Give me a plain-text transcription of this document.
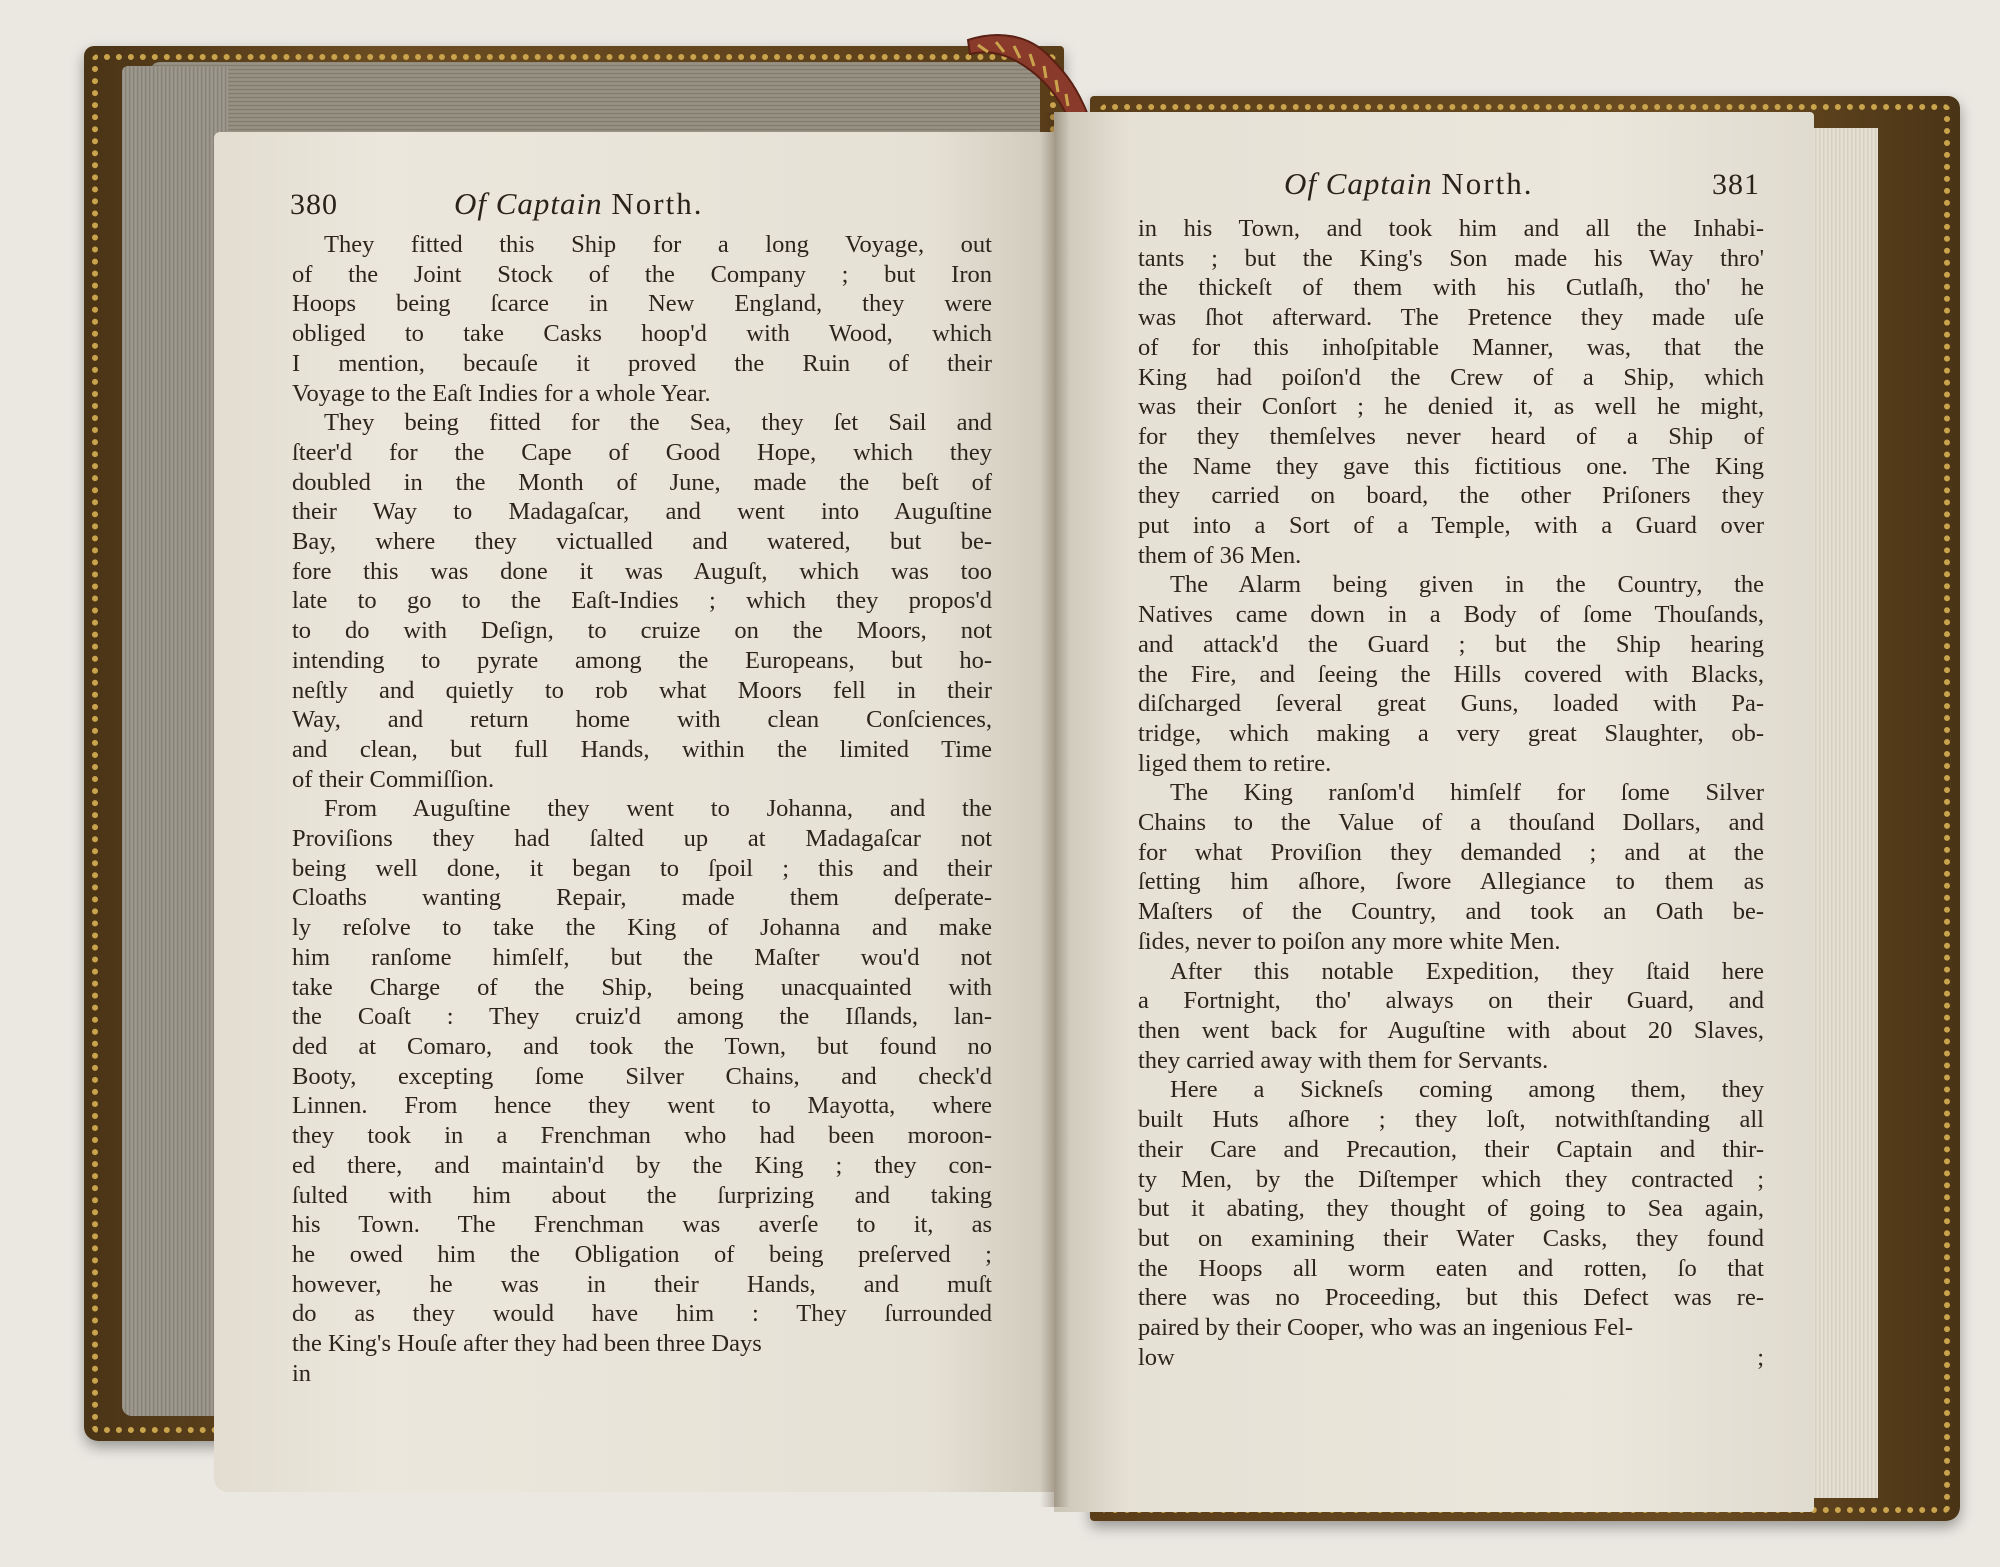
380	Of Captain North.
They fitted this Ship for a long Voyage, out
of the Joint Stock of the Company ; but Iron
Hoops being ſcarce in New England, they were
obliged to take Casks hoop'd with Wood, which
I mention, becauſe it proved the Ruin of their
Voyage to the Eaſt Indies for a whole Year.
They being fitted for the Sea, they ſet Sail and
ſteer'd for the Cape of Good Hope, which they
doubled in the Month of June, made the beſt of
their Way to Madagaſcar, and went into Auguſtine
Bay, where they victualled and watered, but be-
fore this was done it was Auguſt, which was too
late to go to the Eaſt-Indies ; which they propos'd
to do with Deſign, to cruize on the Moors, not
intending to pyrate among the Europeans, but ho-
neſtly and quietly to rob what Moors fell in their
Way, and return home with clean Conſciences,
and clean, but full Hands, within the limited Time
of their Commiſſion.
From Auguſtine they went to Johanna, and the
Proviſions they had ſalted up at Madagaſcar not
being well done, it began to ſpoil ; this and their
Cloaths wanting Repair, made them deſperate-
ly reſolve to take the King of Johanna and make
him ranſome himſelf, but the Maſter wou'd not
take Charge of the Ship, being unacquainted with
the Coaſt : They cruiz'd among the Iſlands, lan-
ded at Comaro, and took the Town, but found no
Booty, excepting ſome Silver Chains, and check'd
Linnen. From hence they went to Mayotta, where
they took in a Frenchman who had been moroon-
ed there, and maintain'd by the King ; they con-
ſulted with him about the ſurprizing and taking
his Town. The Frenchman was averſe to it, as
he owed him the Obligation of being preſerved ;
however, he was in their Hands, and muſt
do as they would have him : They ſurrounded
the King's Houſe after they had been three Days
in
Of Captain North.	381
in his Town, and took him and all the Inhabi-
tants ; but the King's Son made his Way thro'
the thickeſt of them with his Cutlaſh, tho' he
was ſhot afterward. The Pretence they made uſe
of for this inhoſpitable Manner, was, that the
King had poiſon'd the Crew of a Ship, which
was their Conſort ; he denied it, as well he might,
for they themſelves never heard of a Ship of
the Name they gave this fictitious one. The King
they carried on board, the other Priſoners they
put into a Sort of a Temple, with a Guard over
them of 36 Men.
The Alarm being given in the Country, the
Natives came down in a Body of ſome Thouſands,
and attack'd the Guard ; but the Ship hearing
the Fire, and ſeeing the Hills covered with Blacks,
diſcharged ſeveral great Guns, loaded with Pa-
tridge, which making a very great Slaughter, ob-
liged them to retire.
The King ranſom'd himſelf for ſome Silver
Chains to the Value of a thouſand Dollars, and
for what Proviſion they demanded ; and at the
ſetting him aſhore, ſwore Allegiance to them as
Maſters of the Country, and took an Oath be-
ſides, never to poiſon any more white Men.
After this notable Expedition, they ſtaid here
a Fortnight, tho' always on their Guard, and
then went back for Auguſtine with about 20 Slaves,
they carried away with them for Servants.
Here a Sickneſs coming among them, they
built Huts aſhore ; they loſt, notwithſtanding all
their Care and Precaution, their Captain and thir-
ty Men, by the Diſtemper which they contracted ;
but it abating, they thought of going to Sea again,
but on examining their Water Casks, they found
the Hoops all worm eaten and rotten, ſo that
there was no Proceeding, but this Defect was re-
paired by their Cooper, who was an ingenious Fel-
low ;
